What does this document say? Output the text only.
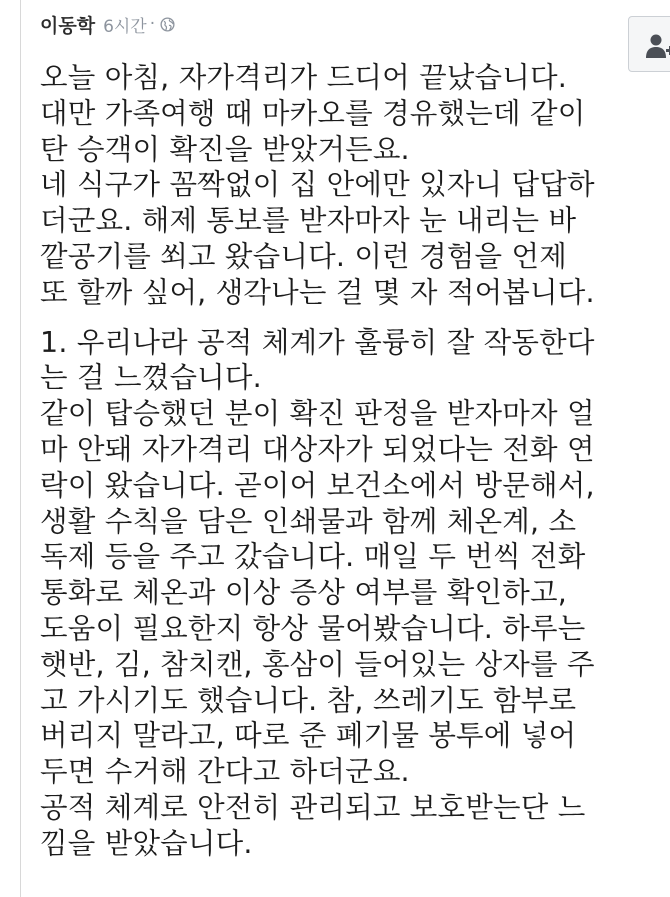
이동학 6시간 ·

오늘 아침, 자가격리가 드디어 끝났습니다.
대만 가족여행 때 마카오를 경유했는데 같이
탄 승객이 확진을 받았거든요.
네 식구가 꼼짝없이 집 안에만 있자니 답답하
더군요. 해제 통보를 받자마자 눈 내리는 바
깥공기를 쐬고 왔습니다. 이런 경험을 언제
또 할까 싶어, 생각나는 걸 몇 자 적어봅니다.

1. 우리나라 공적 체계가 훌륭히 잘 작동한다
는 걸 느꼈습니다.
같이 탑승했던 분이 확진 판정을 받자마자 얼
마 안돼 자가격리 대상자가 되었다는 전화 연
락이 왔습니다. 곧이어 보건소에서 방문해서,
생활 수칙을 담은 인쇄물과 함께 체온계, 소
독제 등을 주고 갔습니다. 매일 두 번씩 전화
통화로 체온과 이상 증상 여부를 확인하고,
도움이 필요한지 항상 물어봤습니다. 하루는
햇반, 김, 참치캔, 홍삼이 들어있는 상자를 주
고 가시기도 했습니다. 참, 쓰레기도 함부로
버리지 말라고, 따로 준 폐기물 봉투에 넣어
두면 수거해 간다고 하더군요.
공적 체계로 안전히 관리되고 보호받는단 느
낌을 받았습니다.
